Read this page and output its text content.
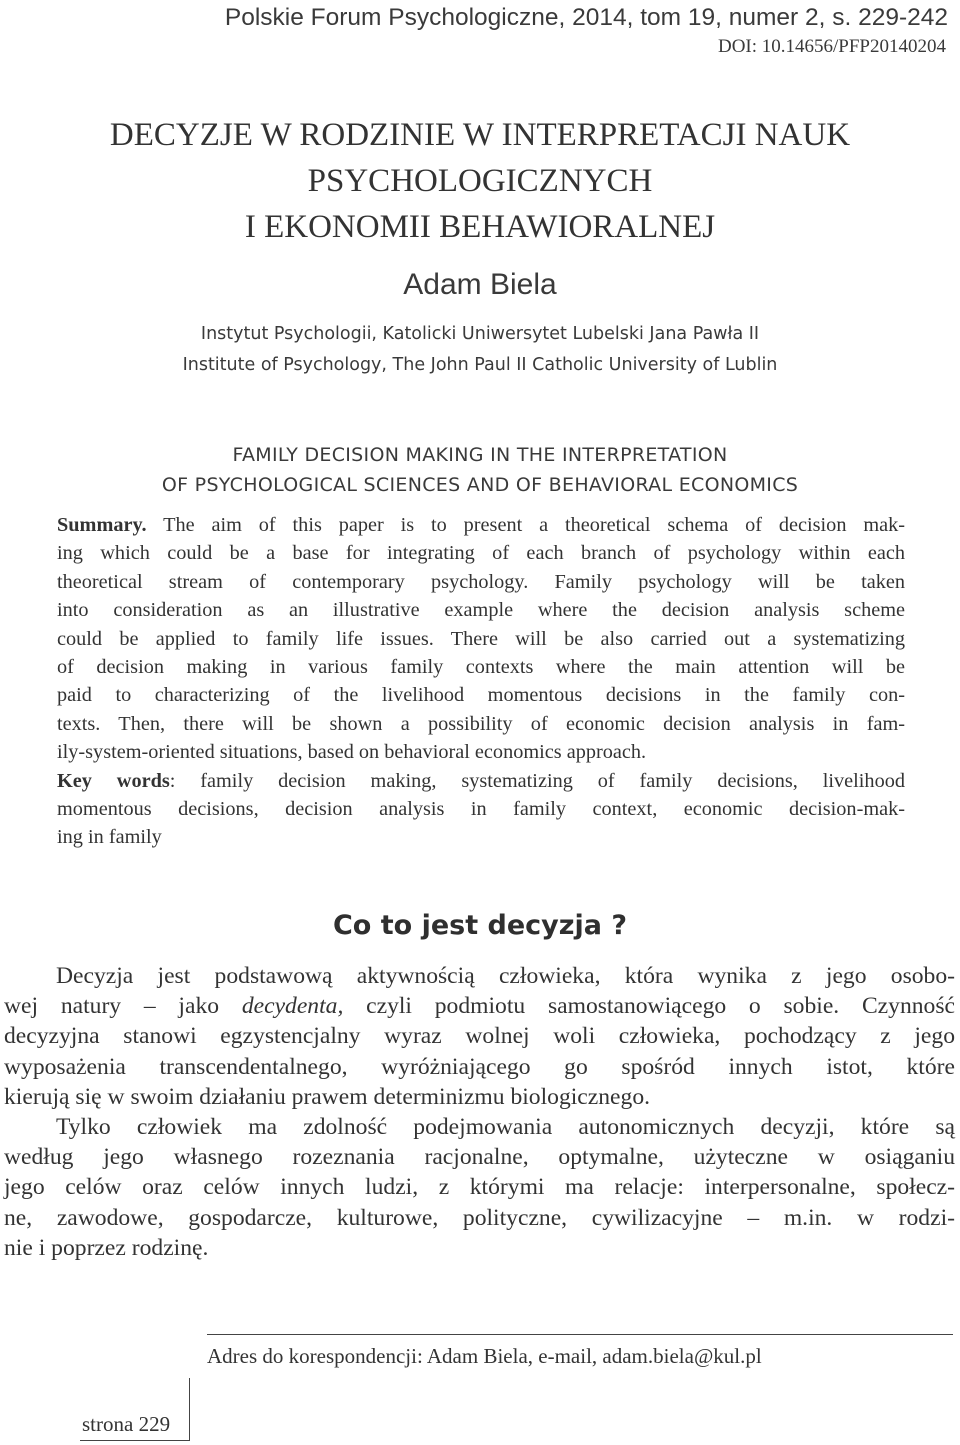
Polskie Forum Psychologiczne, 2014, tom 19, numer 2, s. 229-242
DOI: 10.14656/PFP20140204
DECYZJE W RODZINIE W INTERPRETACJI NAUK
PSYCHOLOGICZNYCH
I EKONOMII BEHAWIORALNEJ
Adam Biela
Instytut Psychologii, Katolicki Uniwersytet Lubelski Jana Pawła II
Institute of Psychology, The John Paul II Catholic University of Lublin
FAMILY DECISION MAKING IN THE INTERPRETATION
OF PSYCHOLOGICAL SCIENCES AND OF BEHAVIORAL ECONOMICS
Summary. The aim of this paper is to present a theoretical schema of decision mak-
ing which could be a base for integrating of each branch of psychology within each
theoretical stream of contemporary psychology. Family psychology will be taken
into consideration as an illustrative example where the decision analysis scheme
could be applied to family life issues. There will be also carried out a systematizing
of decision making in various family contexts where the main attention will be
paid to characterizing of the livelihood momentous decisions in the family con-
texts. Then, there will be shown a possibility of economic decision analysis in fam-
ily-system-oriented situations, based on behavioral economics approach.
Key words: family decision making, systematizing of family decisions, livelihood
momentous decisions, decision analysis in family context, economic decision-mak-
ing in family
Co to jest decyzja ?
Decyzja jest podstawową aktywnością człowieka, która wynika z jego osobo-
wej natury – jako decydenta, czyli podmiotu samostanowiącego o sobie. Czynność
decyzyjna stanowi egzystencjalny wyraz wolnej woli człowieka, pochodzący z jego
wyposażenia transcendentalnego, wyróżniającego go spośród innych istot, które
kierują się w swoim działaniu prawem determinizmu biologicznego.
Tylko człowiek ma zdolność podejmowania autonomicznych decyzji, które są
według jego własnego rozeznania racjonalne, optymalne, użyteczne w osiąganiu
jego celów oraz celów innych ludzi, z którymi ma relacje: interpersonalne, społecz-
ne, zawodowe, gospodarcze, kulturowe, polityczne, cywilizacyjne – m.in. w rodzi-
nie i poprzez rodzinę.
Adres do korespondencji: Adam Biela, e-mail, adam.biela@kul.pl
strona 229
